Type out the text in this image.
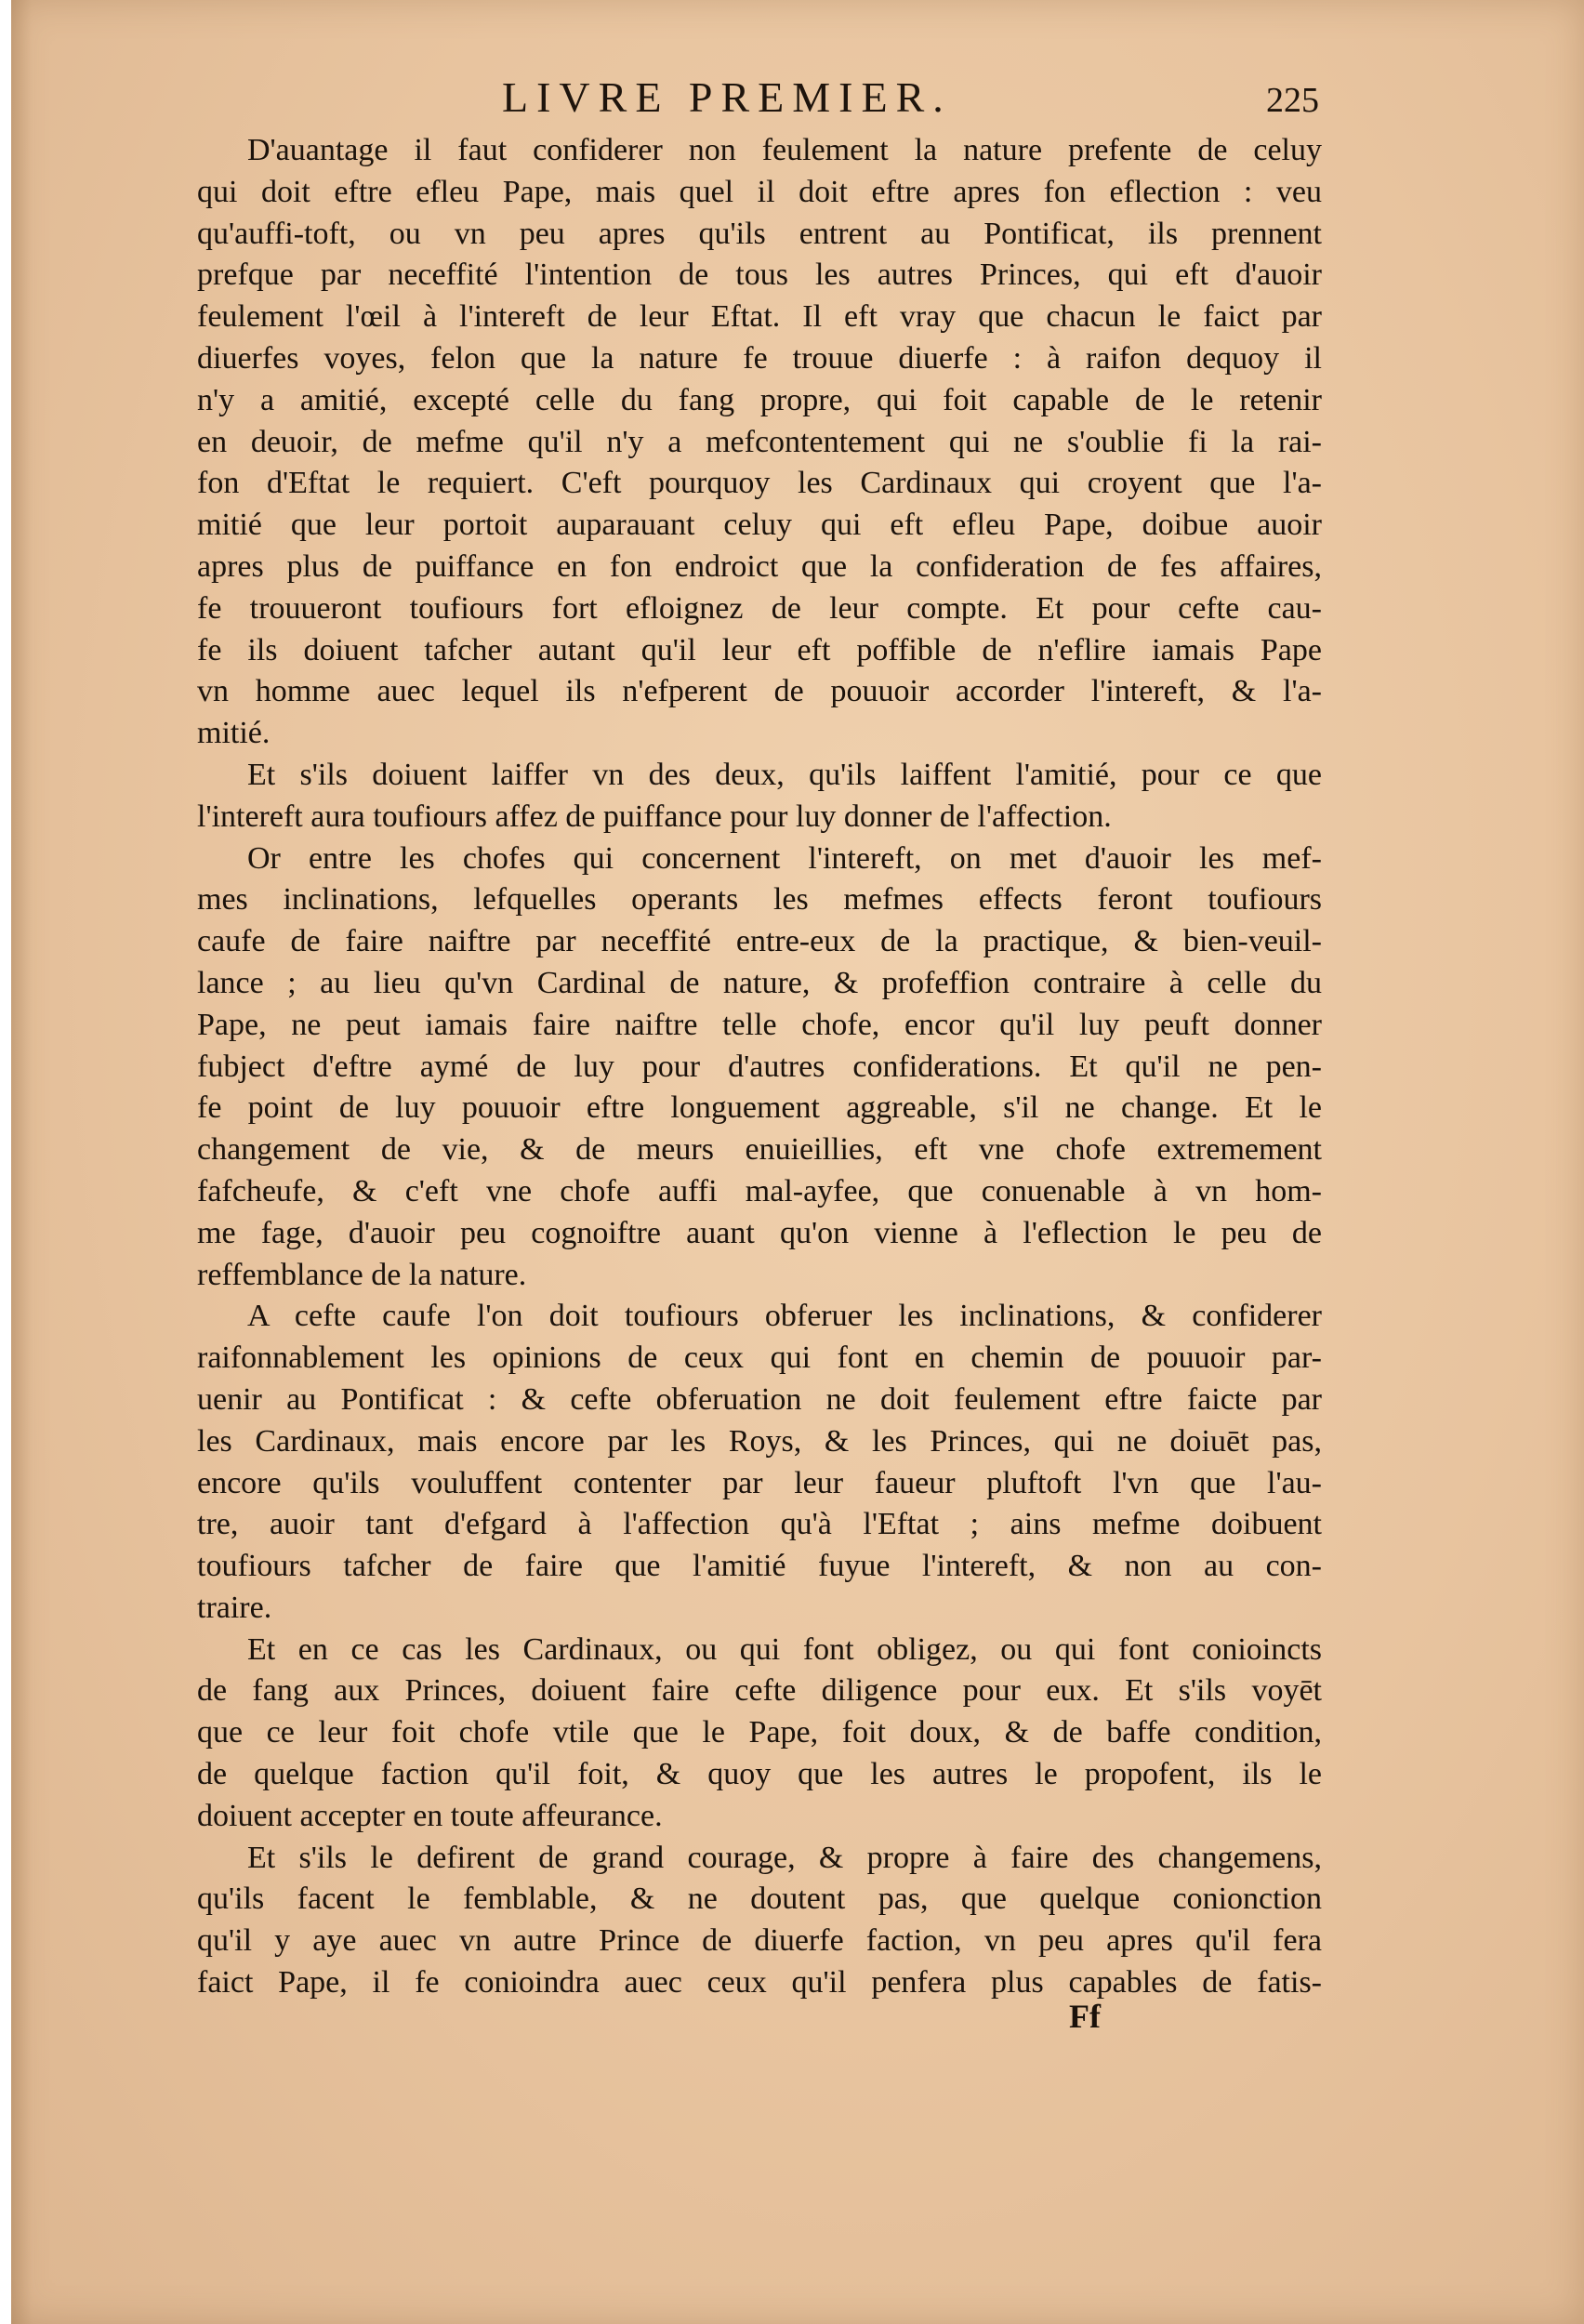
LIVRE PREMIER.	225
D'auantage il faut confiderer non feulement la nature prefente de celuy
qui doit eftre efleu Pape, mais quel il doit eftre apres fon eflection : veu
qu'auffi-toft, ou vn peu apres qu'ils entrent au Pontificat, ils prennent
prefque par neceffité l'intention de tous les autres Princes, qui eft d'auoir
feulement l'œil à l'intereft de leur Eftat. Il eft vray que chacun le faict par
diuerfes voyes, felon que la nature fe trouue diuerfe : à raifon dequoy il
n'y a amitié, excepté celle du fang propre, qui foit capable de le retenir
en deuoir, de mefme qu'il n'y a mefcontentement qui ne s'oublie fi la rai-
fon d'Eftat le requiert. C'eft pourquoy les Cardinaux qui croyent que l'a-
mitié que leur portoit auparauant celuy qui eft efleu Pape, doibue auoir
apres plus de puiffance en fon endroict que la confideration de fes affaires,
fe trouueront toufiours fort efloignez de leur compte. Et pour cefte cau-
fe ils doiuent tafcher autant qu'il leur eft poffible de n'eflire iamais Pape
vn homme auec lequel ils n'efperent de pouuoir accorder l'intereft, & l'a-
mitié.
Et s'ils doiuent laiffer vn des deux, qu'ils laiffent l'amitié, pour ce que
l'intereft aura toufiours affez de puiffance pour luy donner de l'affection.
Or entre les chofes qui concernent l'intereft, on met d'auoir les mef-
mes inclinations, lefquelles operants les mefmes effects feront toufiours
caufe de faire naiftre par neceffité entre-eux de la practique, & bien-veuil-
lance ; au lieu qu'vn Cardinal de nature, & profeffion contraire à celle du
Pape, ne peut iamais faire naiftre telle chofe, encor qu'il luy peuft donner
fubject d'eftre aymé de luy pour d'autres confiderations. Et qu'il ne pen-
fe point de luy pouuoir eftre longuement aggreable, s'il ne change. Et le
changement de vie, & de meurs enuieillies, eft vne chofe extremement
fafcheufe, & c'eft vne chofe auffi mal-ayfee, que conuenable à vn hom-
me fage, d'auoir peu cognoiftre auant qu'on vienne à l'eflection le peu de
reffemblance de la nature.
A cefte caufe l'on doit toufiours obferuer les inclinations, & confiderer
raifonnablement les opinions de ceux qui font en chemin de pouuoir par-
uenir au Pontificat : & cefte obferuation ne doit feulement eftre faicte par
les Cardinaux, mais encore par les Roys, & les Princes, qui ne doiuēt pas,
encore qu'ils vouluffent contenter par leur faueur pluftoft l'vn que l'au-
tre, auoir tant d'efgard à l'affection qu'à l'Eftat ; ains mefme doibuent
toufiours tafcher de faire que l'amitié fuyue l'intereft, & non au con-
traire.
Et en ce cas les Cardinaux, ou qui font obligez, ou qui font conioincts
de fang aux Princes, doiuent faire cefte diligence pour eux. Et s'ils voyēt
que ce leur foit chofe vtile que le Pape, foit doux, & de baffe condition,
de quelque faction qu'il foit, & quoy que les autres le propofent, ils le
doiuent accepter en toute affeurance.
Et s'ils le defirent de grand courage, & propre à faire des changemens,
qu'ils facent le femblable, & ne doutent pas, que quelque conionction
qu'il y aye auec vn autre Prince de diuerfe faction, vn peu apres qu'il fera
faict Pape, il fe conioindra auec ceux qu'il penfera plus capables de fatis-
Ff
